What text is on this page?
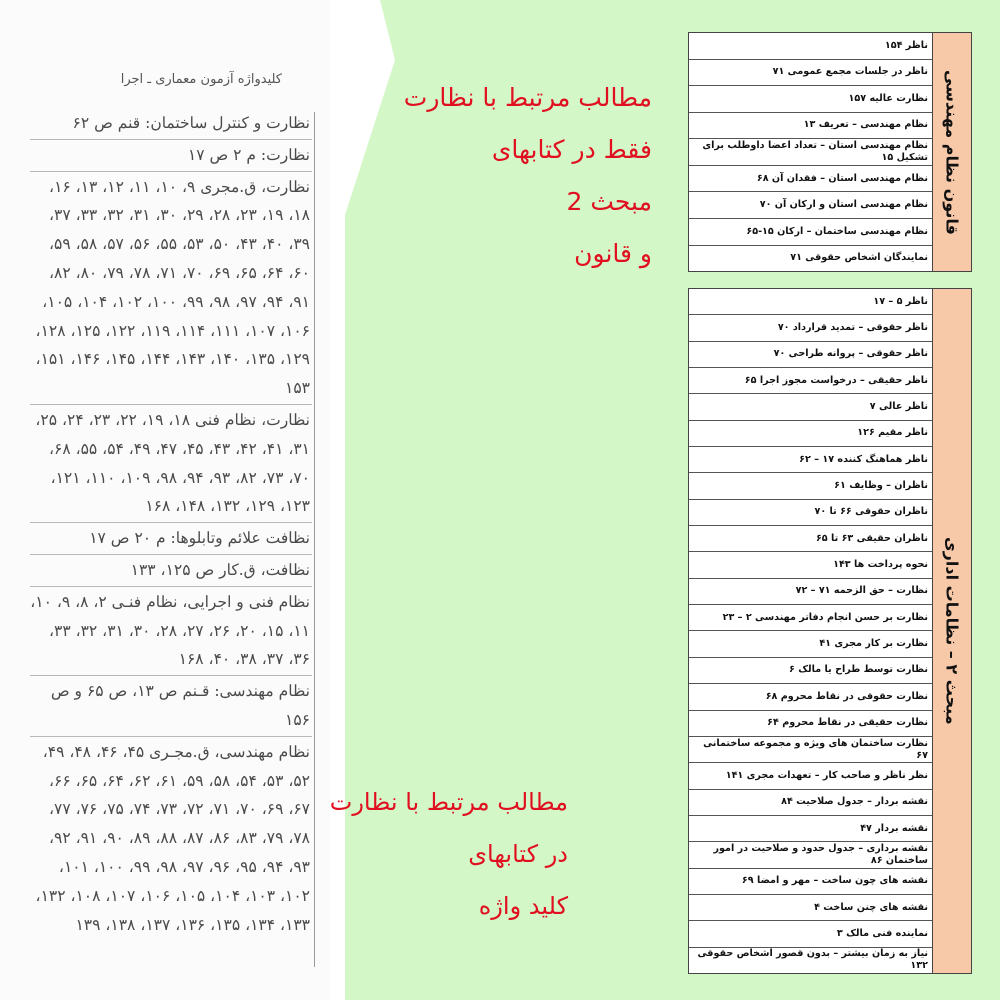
کلیدواژه آزمون معماری ـ اجرا
نظارت و کنترل ساختمان: قنم ص ۶۲
نظارت: م ۲ ص ۱۷
نظارت، ق.مجری ۹، ۱۰، ۱۱، ۱۲، ۱۳، ۱۶، ۱۸، ۱۹، ۲۳، ۲۸، ۲۹، ۳۰، ۳۱، ۳۲، ۳۳، ۳۷، ۳۹، ۴۰، ۴۳، ۵۰، ۵۳، ۵۵، ۵۶، ۵۷، ۵۸، ۵۹، ۶۰، ۶۴، ۶۵، ۶۹، ۷۰، ۷۱، ۷۸، ۷۹، ۸۰، ۸۲، ۹۱، ۹۴، ۹۷، ۹۸، ۹۹، ۱۰۰، ۱۰۲، ۱۰۴، ۱۰۵، ۱۰۶، ۱۰۷، ۱۱۱، ۱۱۴، ۱۱۹، ۱۲۲، ۱۲۵، ۱۲۸، ۱۲۹، ۱۳۵، ۱۴۰، ۱۴۳، ۱۴۴، ۱۴۵، ۱۴۶، ۱۵۱، ۱۵۳
نظارت، نظام فنی ۱۸، ۱۹، ۲۲، ۲۳، ۲۴، ۲۵، ۳۱، ۴۱، ۴۲، ۴۳، ۴۵، ۴۷، ۴۹، ۵۴، ۵۵، ۶۸، ۷۰، ۷۳، ۸۲، ۹۳، ۹۴، ۹۸، ۱۰۹، ۱۱۰، ۱۲۱، ۱۲۳، ۱۲۹، ۱۳۲، ۱۴۸، ۱۶۸
نظافت علائم وتابلوها: م ۲۰ ص ۱۷
نظافت، ق.کار ص ۱۲۵، ۱۳۳
نظام فنی و اجرایی، نظام فنـی ۲، ۸، ۹، ۱۰، ۱۱، ۱۵، ۲۰، ۲۶، ۲۷، ۲۸، ۳۰، ۳۱، ۳۲، ۳۳، ۳۶، ۳۷، ۳۸، ۴۰، ۱۶۸
نظام مهندسی: قـنم ص ۱۳، ص ۶۵ و ص ۱۵۶
نظام مهندسی، ق.مجـری ۴۵، ۴۶، ۴۸، ۴۹، ۵۲، ۵۳، ۵۴، ۵۸، ۵۹، ۶۱، ۶۲، ۶۴، ۶۵، ۶۶، ۶۷، ۶۹، ۷۰، ۷۱، ۷۲، ۷۳، ۷۴، ۷۵، ۷۶، ۷۷، ۷۸، ۷۹، ۸۳، ۸۶، ۸۷، ۸۸، ۸۹، ۹۰، ۹۱، ۹۲، ۹۳، ۹۴، ۹۵، ۹۶، ۹۷، ۹۸، ۹۹، ۱۰۰، ۱۰۱، ۱۰۲، ۱۰۳، ۱۰۴، ۱۰۵، ۱۰۶، ۱۰۷، ۱۰۸، ۱۳۲، ۱۳۳، ۱۳۴، ۱۳۵، ۱۳۶، ۱۳۷، ۱۳۸، ۱۳۹
مطالب مرتبط با نظارت
فقط در کتابهای
مبحث 2
و قانون
مطالب مرتبط با نظارت
در کتابهای
کلید واژه
ناظر ۱۵۴
ناظر در جلسات مجمع عمومی ۷۱
نظارت عالیه ۱۵۷
نظام مهندسی – تعریف ۱۳
نظام مهندسی استان – تعداد اعضا داوطلب برای تشکیل ۱۵
نظام مهندسی استان – فقدان آن ۶۸
نظام مهندسی استان و ارکان آن ۷۰
نظام مهندسی ساختمان – ارکان ۱۵-۶۵
نمایندگان اشخاص حقوقی ۷۱
قانون نظام مهندسی
ناظر ۵ – ۱۷
ناظر حقوقی – تمدید قرارداد ۷۰
ناظر حقوقی – پروانه طراحی ۷۰
ناظر حقیقی – درخواست مجوز اجرا ۶۵
ناظر عالی ۷
ناظر مقیم ۱۲۶
ناظر هماهنگ کننده ۱۷ – ۶۲
ناظران – وظایف ۶۱
ناظران حقوقی ۶۶ تا ۷۰
ناظران حقیقی ۶۳ تا ۶۵
نحوه پرداخت ها ۱۴۳
نظارت – حق الزحمه ۷۱ – ۷۲
نظارت بر حسن انجام دفاتر مهندسی ۲ – ۲۳
نظارت بر کار مجری ۴۱
نظارت توسط طراح یا مالک ۶
نظارت حقوقی در نقاط محروم ۶۸
نظارت حقیقی در نقاط محروم ۶۴
نظارت ساختمان های ویژه و مجموعه ساختمانی ۶۷
نظر ناظر و صاحب کار – تعهدات مجری ۱۴۱
نقشه بردار – جدول صلاحیت ۸۴
نقشه بردار ۴۷
نقشه برداری – جدول حدود و صلاحیت در امور ساختمان ۸۶
نقشه های چون ساخت – مهر و امضا ۶۹
نقشه های چنن ساخت ۴
نماینده فنی مالک ۳
نیاز به زمان بیشتر – بدون قصور اشخاص حقوقی ۱۳۲
مبحث ۲ – نظامات اداری
